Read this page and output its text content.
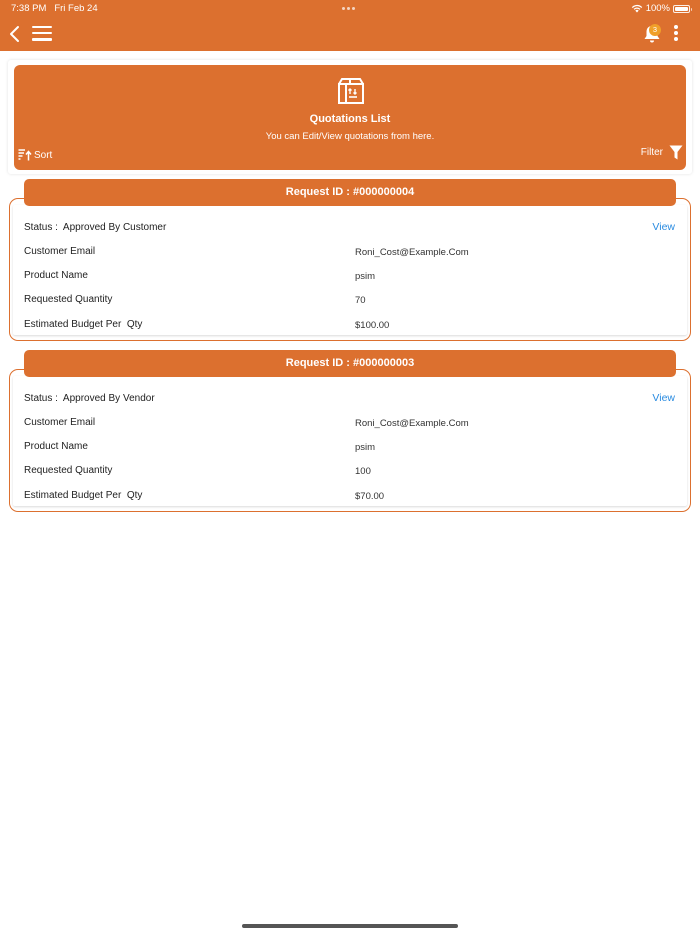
7:38 PM Fri Feb 24	100%
3
Quotations List
You can Edit/View quotations from here.
Sort	Filter
Status : Approved By Customer	View
Customer Email	Roni_Cost@Example.Com
Product Name	psim
Requested Quantity	70
Estimated Budget Per  Qty	$100.00
Request ID : #000000004
Status : Approved By Vendor	View
Customer Email	Roni_Cost@Example.Com
Product Name	psim
Requested Quantity	100
Estimated Budget Per  Qty	$70.00
Request ID : #000000003
